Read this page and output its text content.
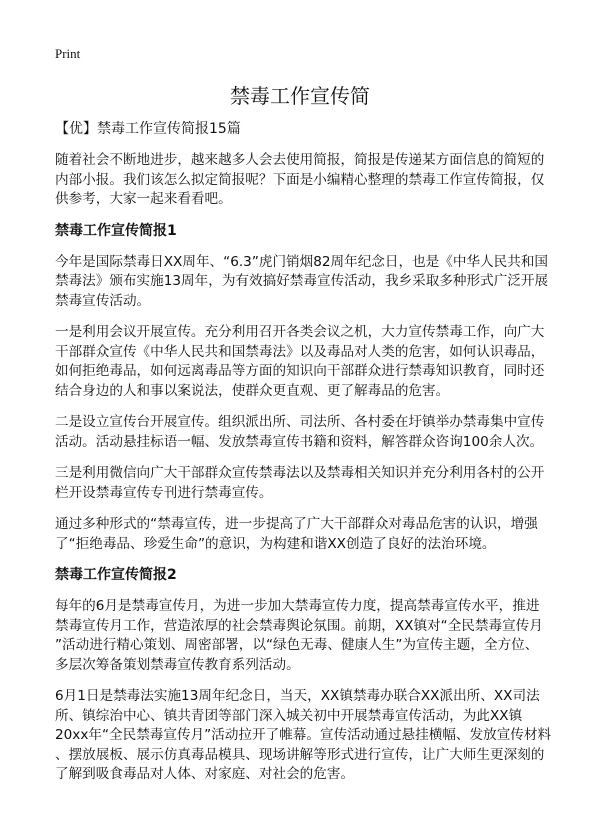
Print
禁毒工作宣传简
【优】禁毒工作宣传简报15篇
随着社会不断地进步，越来越多人会去使用简报，简报是传递某方面信息的简短的
内部小报。我们该怎么拟定简报呢？下面是小编精心整理的禁毒工作宣传简报，仅
供参考，大家一起来看看吧。
禁毒工作宣传简报1
今年是国际禁毒日XX周年、“6.3”虎门销烟82周年纪念日，也是《中华人民共和国
禁毒法》颁布实施13周年，为有效搞好禁毒宣传活动，我乡采取多种形式广泛开展
禁毒宣传活动。
一是利用会议开展宣传。充分利用召开各类会议之机，大力宣传禁毒工作，向广大
干部群众宣传《中华人民共和国禁毒法》以及毒品对人类的危害，如何认识毒品，
如何拒绝毒品，如何远离毒品等方面的知识向干部群众进行禁毒知识教育，同时还
结合身边的人和事以案说法，使群众更直观、更了解毒品的危害。
二是设立宣传台开展宣传。组织派出所、司法所、各村委在圩镇举办禁毒集中宣传
活动。活动悬挂标语一幅、发放禁毒宣传书籍和资料，解答群众咨询100余人次。
三是利用微信向广大干部群众宣传禁毒法以及禁毒相关知识并充分利用各村的公开
栏开设禁毒宣传专刊进行禁毒宣传。
通过多种形式的“禁毒宣传，进一步提高了广大干部群众对毒品危害的认识，增强
了“拒绝毒品、珍爱生命”的意识，为构建和谐XX创造了良好的法治环境。
禁毒工作宣传简报2
每年的6月是禁毒宣传月，为进一步加大禁毒宣传力度，提高禁毒宣传水平，推进
禁毒宣传月工作，营造浓厚的社会禁毒舆论氛围。前期，XX镇对“全民禁毒宣传月
”活动进行精心策划、周密部署，以“绿色无毒、健康人生”为宣传主题，全方位、
多层次筹备策划禁毒宣传教育系列活动。
6月1日是禁毒法实施13周年纪念日，当天，XX镇禁毒办联合XX派出所、XX司法
所、镇综治中心、镇共青团等部门深入城关初中开展禁毒宣传活动，为此XX镇
20xx年“全民禁毒宣传月”活动拉开了帷幕。宣传活动通过悬挂横幅、发放宣传材料
、摆放展板、展示仿真毒品模具、现场讲解等形式进行宣传，让广大师生更深刻的
了解到吸食毒品对人体、对家庭、对社会的危害。
